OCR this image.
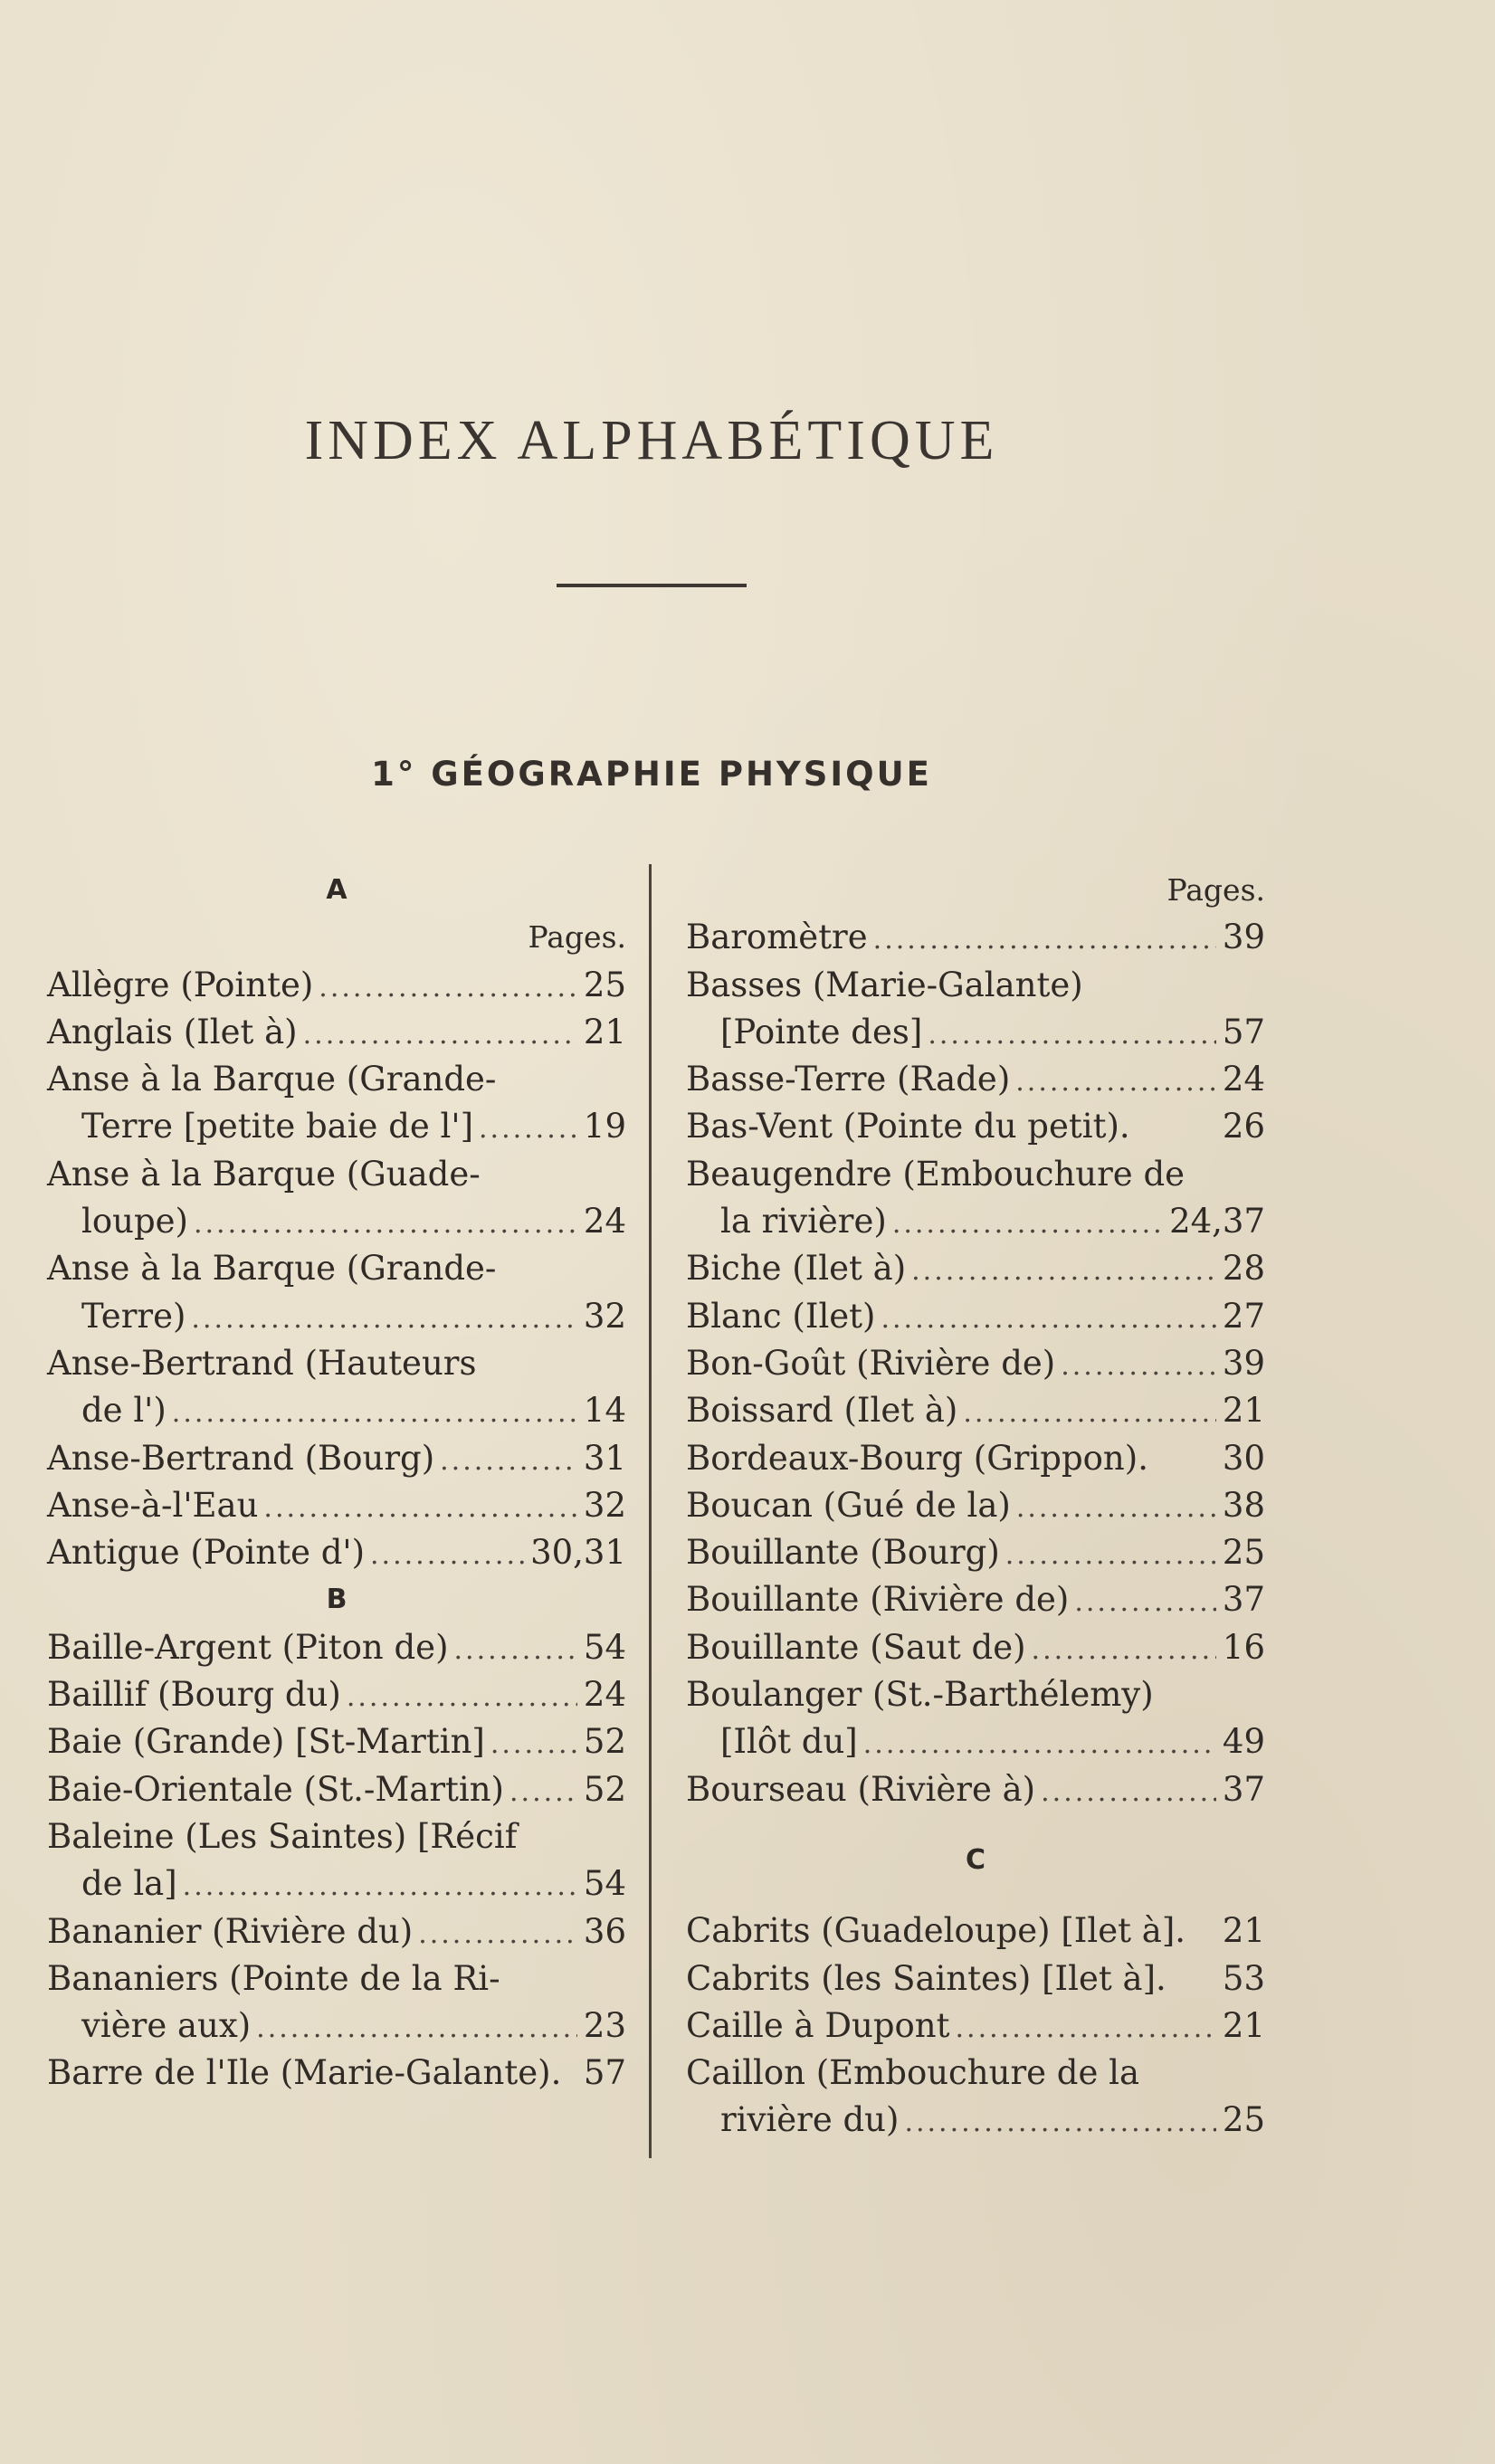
INDEX ALPHABÉTIQUE
1° GÉOGRAPHIE PHYSIQUE
A
Pages.
Allègre (Pointe) .....	25
Anglais (Ilet à) .....	21
Anse à la Barque (Grande-
Terre [petite baie de l'] .....	19
Anse à la Barque (Guade-
loupe) .....	24
Anse à la Barque (Grande-
Terre) .....	32
Anse-Bertrand (Hauteurs
de l') .....	14
Anse-Bertrand (Bourg) .....	31
Anse-à-l'Eau .....	32
Antigue (Pointe d') .....	30,31
B
Baille-Argent (Piton de) .....	54
Baillif (Bourg du) .....	24
Baie (Grande) [St-Martin] .....	52
Baie-Orientale (St.-Martin) ..... 52
Baleine (Les Saintes) [Récif
de la] .....	54
Bananier (Rivière du) .....	36
Bananiers (Pointe de la Ri-
vière aux) .....	23
Barre de l'Ile (Marie-Galante). 57
Pages.
Baromètre .....	39
Basses (Marie-Galante)
[Pointe des] .....	57
Basse-Terre (Rade) .....	24
Bas-Vent (Pointe du petit).	26
Beaugendre (Embouchure de
la rivière) .....	24,37
Biche (Ilet à) .....	28
Blanc (Ilet) .....	27
Bon-Goût (Rivière de) .....	39
Boissard (Ilet à) .....	21
Bordeaux-Bourg (Grippon). 30
Boucan (Gué de la) .....	38
Bouillante (Bourg) .....	25
Bouillante (Rivière de) .....	37
Bouillante (Saut de) .....	16
Boulanger (St.-Barthélemy)
[Ilôt du] .....	49
Bourseau (Rivière à) .....	37
C
Cabrits (Guadeloupe) [Ilet à]. 21
Cabrits (les Saintes) [Ilet à]. 53
Caille à Dupont .....	21
Caillon (Embouchure de la
rivière du) .....	25
